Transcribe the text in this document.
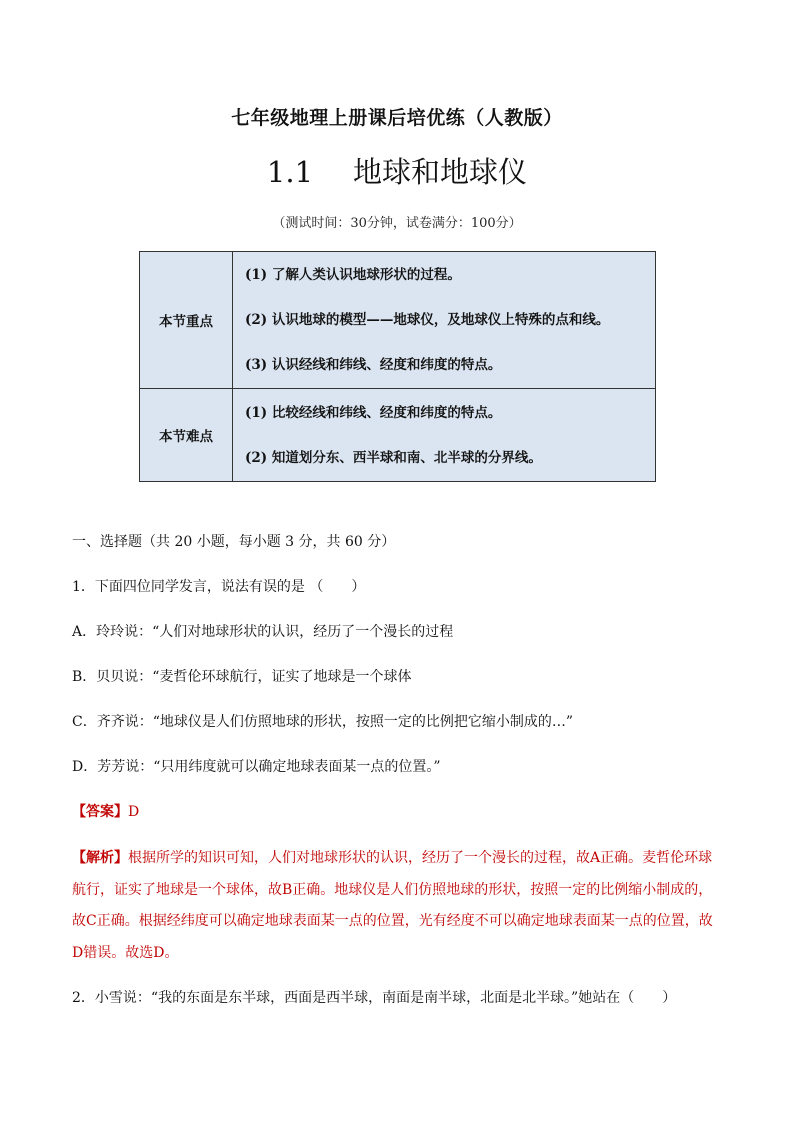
七年级地理上册课后培优练（人教版）
1.1 地球和地球仪
（测试时间：30分钟，试卷满分：100分）
本节重点	(1) 了解人类认识地球形状的过程。

(2) 认识地球的模型——地球仪，及地球仪上特殊的点和线。

(3) 认识经线和纬线、经度和纬度的特点。

本节难点	(1) 比较经线和纬线、经度和纬度的特点。

(2) 知道划分东、西半球和南、北半球的分界线。

一、选择题（共 20 小题，每小题 3 分，共 60 分）
1．下面四位同学发言，说法有误的是 （　　）
A．玲玲说：“人们对地球形状的认识，经历了一个漫长的过程
B．贝贝说：“麦哲伦环球航行，证实了地球是一个球体
C．齐齐说：“地球仪是人们仿照地球的形状，按照一定的比例把它缩小制成的…”
D．芳芳说：“只用纬度就可以确定地球表面某一点的位置。”
【答案】D
【解析】根据所学的知识可知，人们对地球形状的认识，经历了一个漫长的过程，故A正确。麦哲伦环球航行，证实了地球是一个球体，故B正确。地球仪是人们仿照地球的形状，按照一定的比例缩小制成的，故C正确。根据经纬度可以确定地球表面某一点的位置，光有经度不可以确定地球表面某一点的位置，故D错误。故选D。
2．小雪说：“我的东面是东半球，西面是西半球，南面是南半球，北面是北半球。”她站在（　　）
